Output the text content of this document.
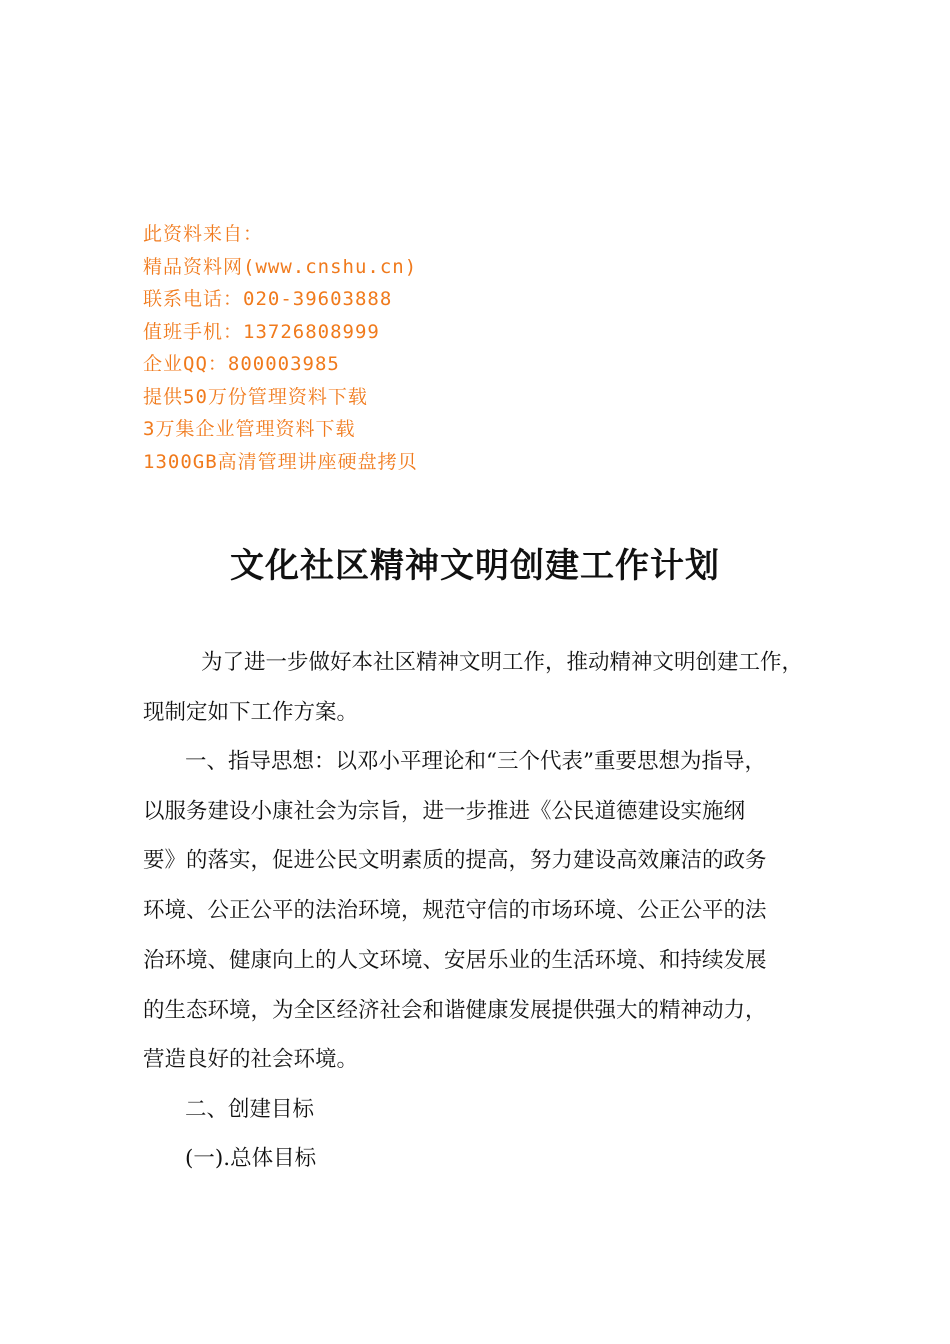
此资料来自：
精品资料网(www.cnshu.cn)
联系电话：020-39603888
值班手机：13726808999
企业QQ：800003985
提供50万份管理资料下载
3万集企业管理资料下载
1300GB高清管理讲座硬盘拷贝
文化社区精神文明创建工作计划
为了进一步做好本社区精神文明工作，推动精神文明创建工作，
现制定如下工作方案。
一、指导思想：以邓小平理论和“三个代表”重要思想为指导，
以服务建设小康社会为宗旨，进一步推进《公民道德建设实施纲
要》的落实，促进公民文明素质的提高，努力建设高效廉洁的政务
环境、公正公平的法治环境，规范守信的市场环境、公正公平的法
治环境、健康向上的人文环境、安居乐业的生活环境、和持续发展
的生态环境，为全区经济社会和谐健康发展提供强大的精神动力，
营造良好的社会环境。
二、创建目标
(一).总体目标
